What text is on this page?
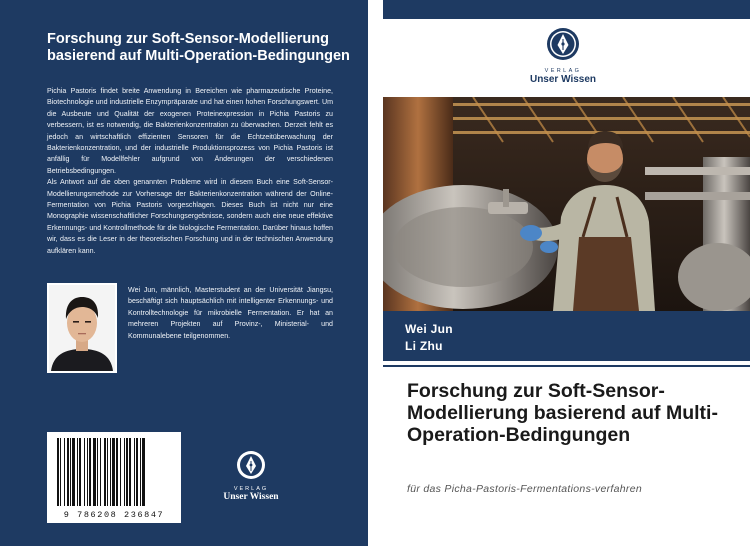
Forschung zur Soft-Sensor-Modellierung basierend auf Multi-Operation-Bedingungen

Pichia Pastoris findet breite Anwendung in Bereichen wie pharmazeutische Proteine, Biotechnologie und industrielle Enzympräparate und hat einen hohen Forschungswert. Um die Ausbeute und Qualität der exogenen Proteinexpression in Pichia Pastoris zu verbessern, ist es notwendig, die Bakterienkonzentration zu überwachen. Derzeit fehlt es jedoch an wirtschaftlich effizienten Sensoren für die Echtzeitüberwachung der Bakterienkonzentration, und der industrielle Produktionsprozess von Pichia Pastoris ist anfällig für Modellfehler aufgrund von Änderungen der verschiedenen Betriebsbedingungen.

Als Antwort auf die oben genannten Probleme wird in diesem Buch eine Soft-Sensor-Modellierungsmethode zur Vorhersage der Bakterienkonzentration während der Online-Fermentation von Pichia Pastoris vorgeschlagen. Dieses Buch ist nicht nur eine Monographie wissenschaftlicher Forschungsergebnisse, sondern auch eine neue effektive Erkennungs- und Kontrollmethode für die biologische Fermentation. Darüber hinaus hoffen wir, dass es die Leser in der theoretischen Forschung und in der technischen Anwendung aufklären kann.

Wei Jun, männlich, Masterstudent an der Universität Jiangsu, beschäftigt sich hauptsächlich mit intelligenter Erkennungs- und Kontrolltechnologie für mikrobielle Fermentation. Er hat an mehreren Projekten auf Provinz-, Ministerial- und Kommunalebene teilgenommen.
9 786208 236847
VERLAG
Unser Wissen
VERLAG
Unser Wissen
Wei Jun
Li Zhu
Forschung zur Soft-Sensor-Modellierung basierend auf Multi-Operation-Bedingungen
für das Picha-Pastoris-Fermentations-verfahren
